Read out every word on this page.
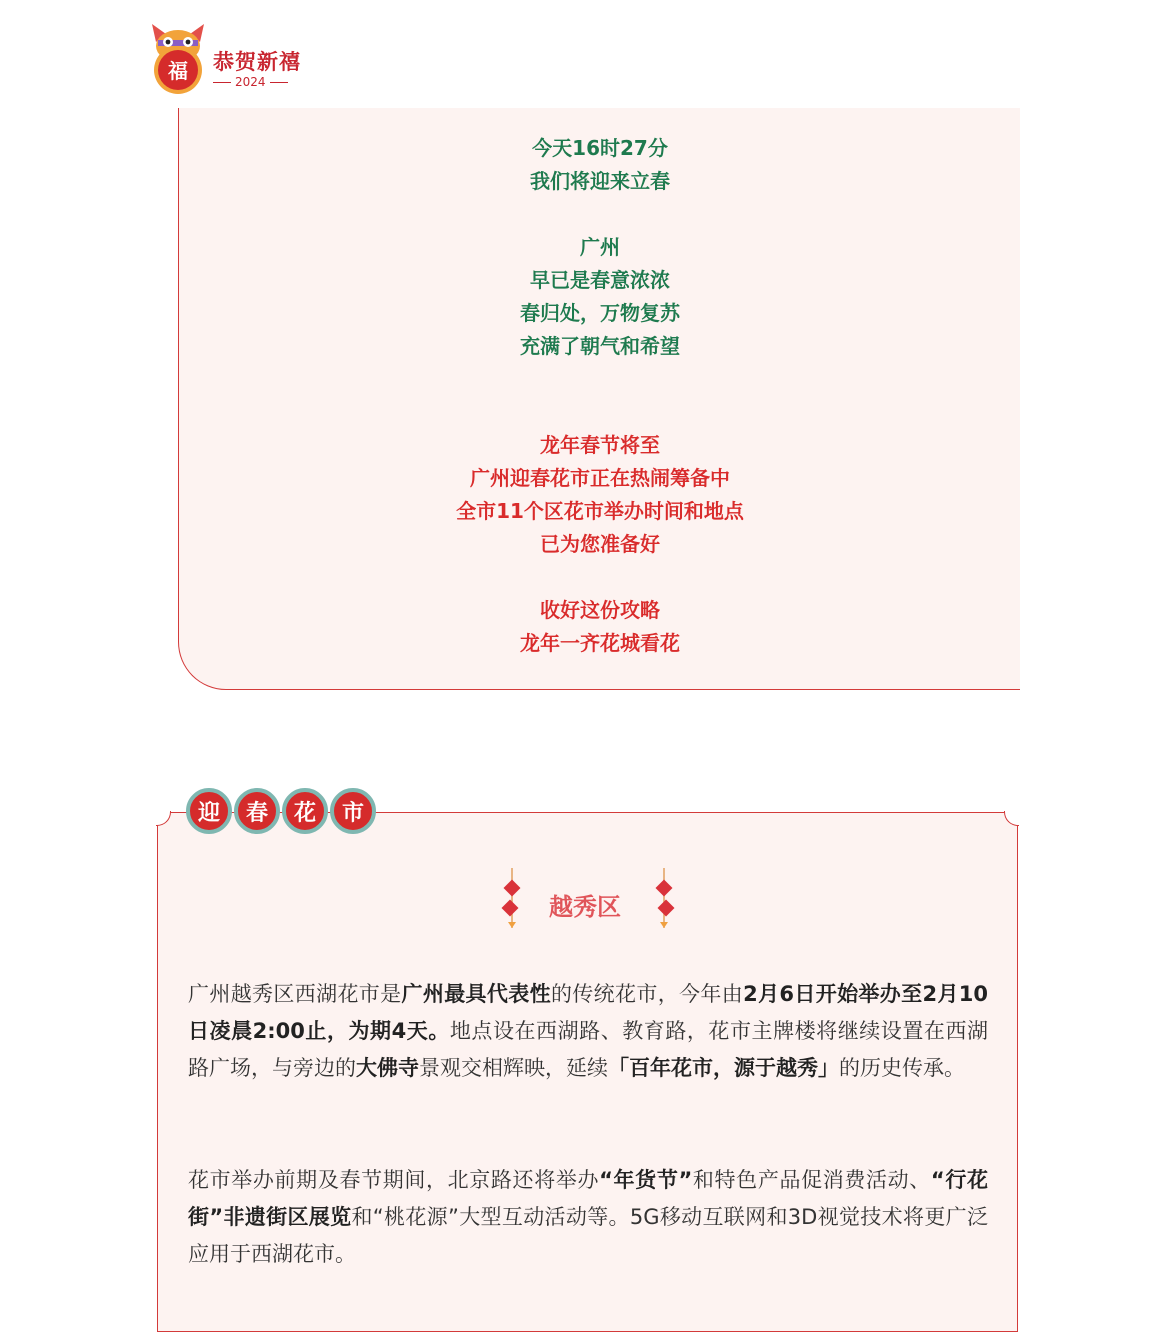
福 恭贺新禧
2024
今天16时27分
我们将迎来立春
广州
早已是春意浓浓
春归处，万物复苏
充满了朝气和希望
龙年春节将至
广州迎春花市正在热闹筹备中
全市11个区花市举办时间和地点
已为您准备好
收好这份攻略
龙年一齐花城看花
迎	春	花	市
越秀区
广州越秀区西湖花市是广州最具代表性的传统花市，今年由2月6日开始举办至2月10日凌晨2:00止，为期4天。地点设在西湖路、教育路，花市主牌楼将继续设置在西湖路广场，与旁边的大佛寺景观交相辉映，延续「百年花市，源于越秀」的历史传承。
花市举办前期及春节期间，北京路还将举办“年货节”和特色产品促消费活动、“行花街”非遗街区展览和“桃花源”大型互动活动等。5G移动互联网和3D视觉技术将更广泛应用于西湖花市。
